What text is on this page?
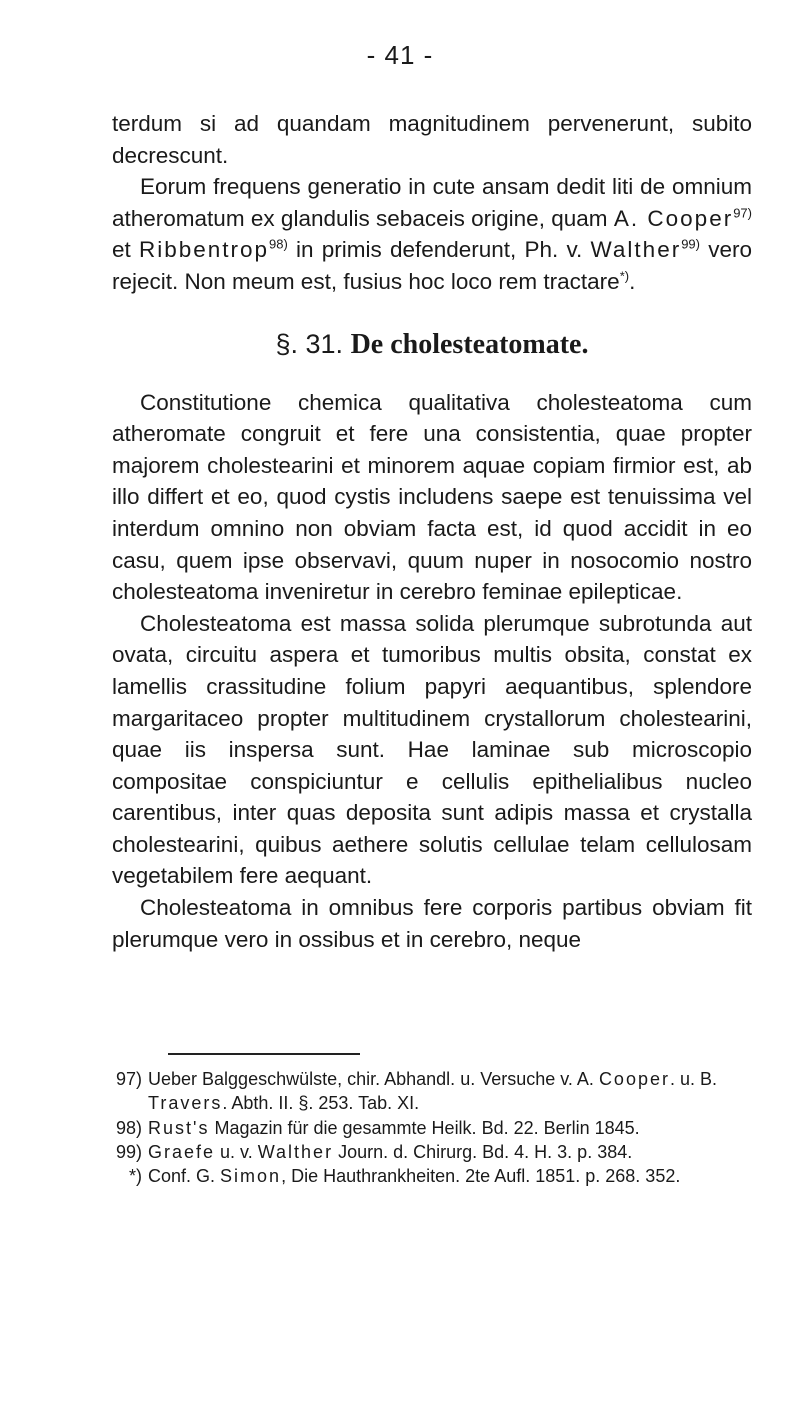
- 41 -

terdum si ad quandam magnitudinem pervenerunt, subito decrescunt.

Eorum frequens generatio in cute ansam dedit liti de omnium atheromatum ex glandulis sebaceis origine, quam A. Cooper$^{97)}$ et Ribbentrop$^{98)}$ in primis defenderunt, Ph. v. Walther$^{99)}$ vero rejecit. Non meum est, fusius hoc loco rem tractare*).

§. 31. De cholesteatomate.

Constitutione chemica qualitativa cholesteatoma cum atheromate congruit et fere una consistentia, quae propter majorem cholestearini et minorem aquae copiam firmior est, ab illo differt et eo, quod cystis includens saepe est tenuissima vel interdum omnino non obviam facta est, id quod accidit in eo casu, quem ipse observavi, quum nuper in nosocomio nostro cholesteatoma inveniretur in cerebro feminae epilepticae.

Cholesteatoma est massa solida plerumque subrotunda aut ovata, circuitu aspera et tumoribus multis obsita, constat ex lamellis crassitudine folium papyri aequantibus, splendore margaritaceo propter multitudinem crystallorum cholestearini, quae iis inspersa sunt. Hae laminae sub microscopio compositae conspiciuntur e cellulis epithelialibus nucleo carentibus, inter quas deposita sunt adipis massa et crystalla cholestearini, quibus aethere solutis cellulae telam cellulosam vegetabilem fere aequant.

Cholesteatoma in omnibus fere corporis partibus obviam fit plerumque vero in ossibus et in cerebro, neque

97) Ueber Balggeschwülste, chir. Abhandl. u. Versuche v. A. Cooper. u. B. Travers. Abth. II. §. 253. Tab. XI.

98) Rust's Magazin für die gesammte Heilk. Bd. 22. Berlin 1845.

99) Graefe u. v. Walther Journ. d. Chirurg. Bd. 4. H. 3. p. 384.

*) Conf. G. Simon, Die Hauthrankheiten. 2te Aufl. 1851. p. 268. 352.
